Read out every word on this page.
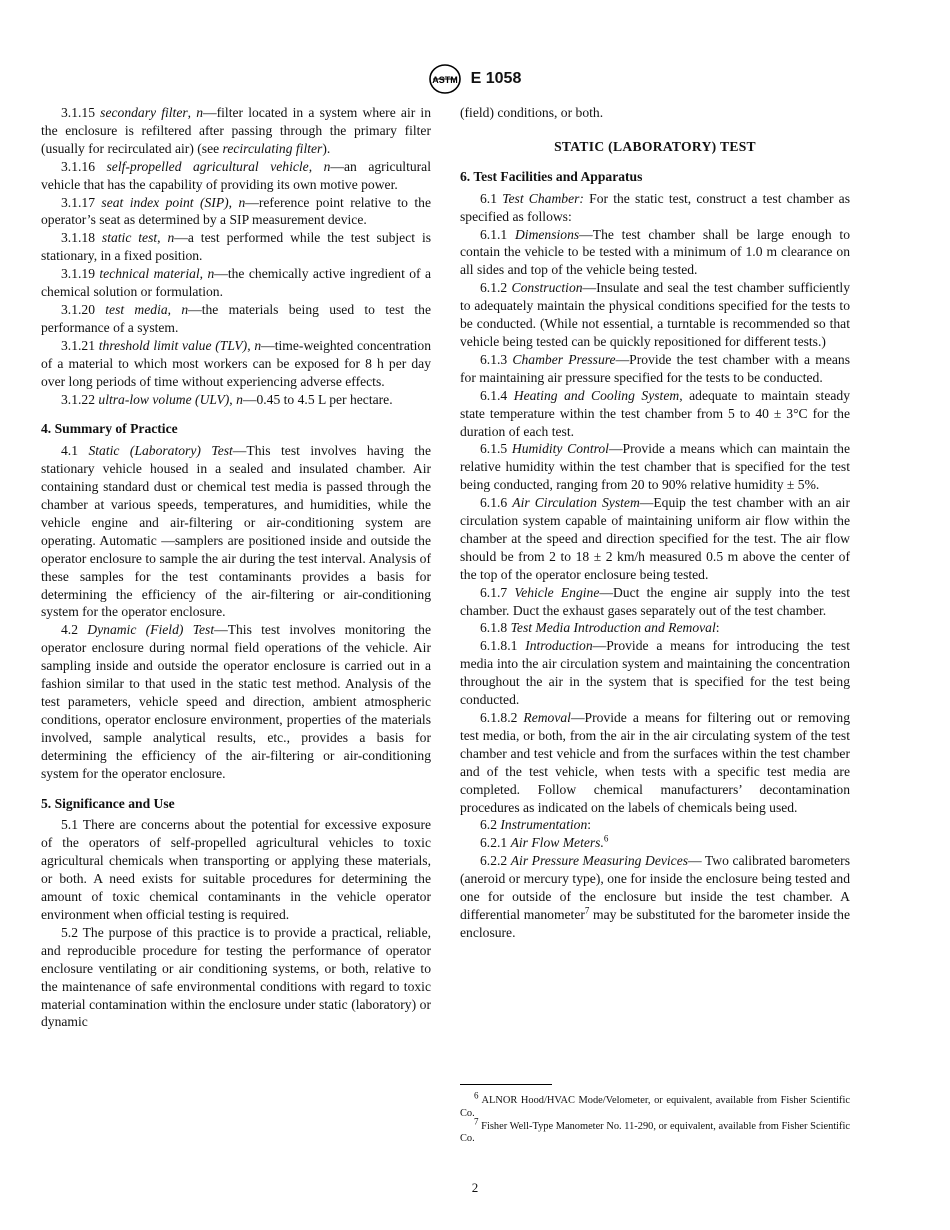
ASTM E 1058

3.1.15 secondary filter, n—filter located in a system where air in the enclosure is refiltered after passing through the primary filter (usually for recirculated air) (see recirculating filter).

3.1.16 self-propelled agricultural vehicle, n—an agricultural vehicle that has the capability of providing its own motive power.

3.1.17 seat index point (SIP), n—reference point relative to the operator’s seat as determined by a SIP measurement device.

3.1.18 static test, n—a test performed while the test subject is stationary, in a fixed position.

3.1.19 technical material, n—the chemically active ingredient of a chemical solution or formulation.

3.1.20 test media, n—the materials being used to test the performance of a system.

3.1.21 threshold limit value (TLV), n—time-weighted concentration of a material to which most workers can be exposed for 8 h per day over long periods of time without experiencing adverse effects.

3.1.22 ultra-low volume (ULV), n—0.45 to 4.5 L per hectare.

4. Summary of Practice

4.1 Static (Laboratory) Test—This test involves having the stationary vehicle housed in a sealed and insulated chamber. Air containing standard dust or chemical test media is passed through the chamber at various speeds, temperatures, and humidities, while the vehicle engine and air-filtering or air-conditioning system are operating. Automatic —samplers are positioned inside and outside the operator enclosure to sample the air during the test interval. Analysis of these samples for the test contaminants provides a basis for determining the efficiency of the air-filtering or air-conditioning system for the operator enclosure.

4.2 Dynamic (Field) Test—This test involves monitoring the operator enclosure during normal field operations of the vehicle. Air sampling inside and outside the operator enclosure is carried out in a fashion similar to that used in the static test method. Analysis of the test parameters, vehicle speed and direction, ambient atmospheric conditions, operator enclosure environment, properties of the materials involved, sample analytical results, etc., provides a basis for determining the efficiency of the air-filtering or air-conditioning system for the operator enclosure.

5. Significance and Use

5.1 There are concerns about the potential for excessive exposure of the operators of self-propelled agricultural vehicles to toxic agricultural chemicals when transporting or applying these materials, or both. A need exists for suitable procedures for determining the amount of toxic chemical contaminants in the vehicle operator environment when official testing is required.

5.2 The purpose of this practice is to provide a practical, reliable, and reproducible procedure for testing the performance of operator enclosure ventilating or air conditioning systems, or both, relative to the maintenance of safe environmental conditions with regard to toxic material contamination within the enclosure under static (laboratory) or dynamic

(field) conditions, or both.

STATIC (LABORATORY) TEST
6. Test Facilities and Apparatus

6.1 Test Chamber: For the static test, construct a test chamber as specified as follows:

6.1.1 Dimensions—The test chamber shall be large enough to contain the vehicle to be tested with a minimum of 1.0 m clearance on all sides and top of the vehicle being tested.

6.1.2 Construction—Insulate and seal the test chamber sufficiently to adequately maintain the physical conditions specified for the tests to be conducted. (While not essential, a turntable is recommended so that vehicle being tested can be quickly repositioned for different tests.)

6.1.3 Chamber Pressure—Provide the test chamber with a means for maintaining air pressure specified for the tests to be conducted.

6.1.4 Heating and Cooling System, adequate to maintain steady state temperature within the test chamber from 5 to 40 ± 3°C for the duration of each test.

6.1.5 Humidity Control—Provide a means which can maintain the relative humidity within the test chamber that is specified for the test being conducted, ranging from 20 to 90% relative humidity ± 5%.

6.1.6 Air Circulation System—Equip the test chamber with an air circulation system capable of maintaining uniform air flow within the chamber at the speed and direction specified for the test. The air flow should be from 2 to 18 ± 2 km/h measured 0.5 m above the center of the top of the operator enclosure being tested.

6.1.7 Vehicle Engine—Duct the engine air supply into the test chamber. Duct the exhaust gases separately out of the test chamber.

6.1.8 Test Media Introduction and Removal:

6.1.8.1 Introduction—Provide a means for introducing the test media into the air circulation system and maintaining the concentration throughout the air in the system that is specified for the test being conducted.

6.1.8.2 Removal—Provide a means for filtering out or removing test media, or both, from the air in the air circulating system of the test chamber and test vehicle and from the surfaces within the test chamber and of the test vehicle, when tests with a specific test media are completed. Follow chemical manufacturers’ decontamination procedures as indicated on the labels of chemicals being used.

6.2 Instrumentation:

6.2.1 Air Flow Meters.$^6$

6.2.2 Air Pressure Measuring Devices— Two calibrated barometers (aneroid or mercury type), one for inside the enclosure being tested and one for outside of the enclosure but inside the test chamber. A differential manometer$^7$ may be substituted for the barometer inside the enclosure.

$^6$ ALNOR Hood/HVAC Mode/Velometer, or equivalent, available from Fisher Scientific Co.

$^7$ Fisher Well-Type Manometer No. 11-290, or equivalent, available from Fisher Scientific Co.

2
